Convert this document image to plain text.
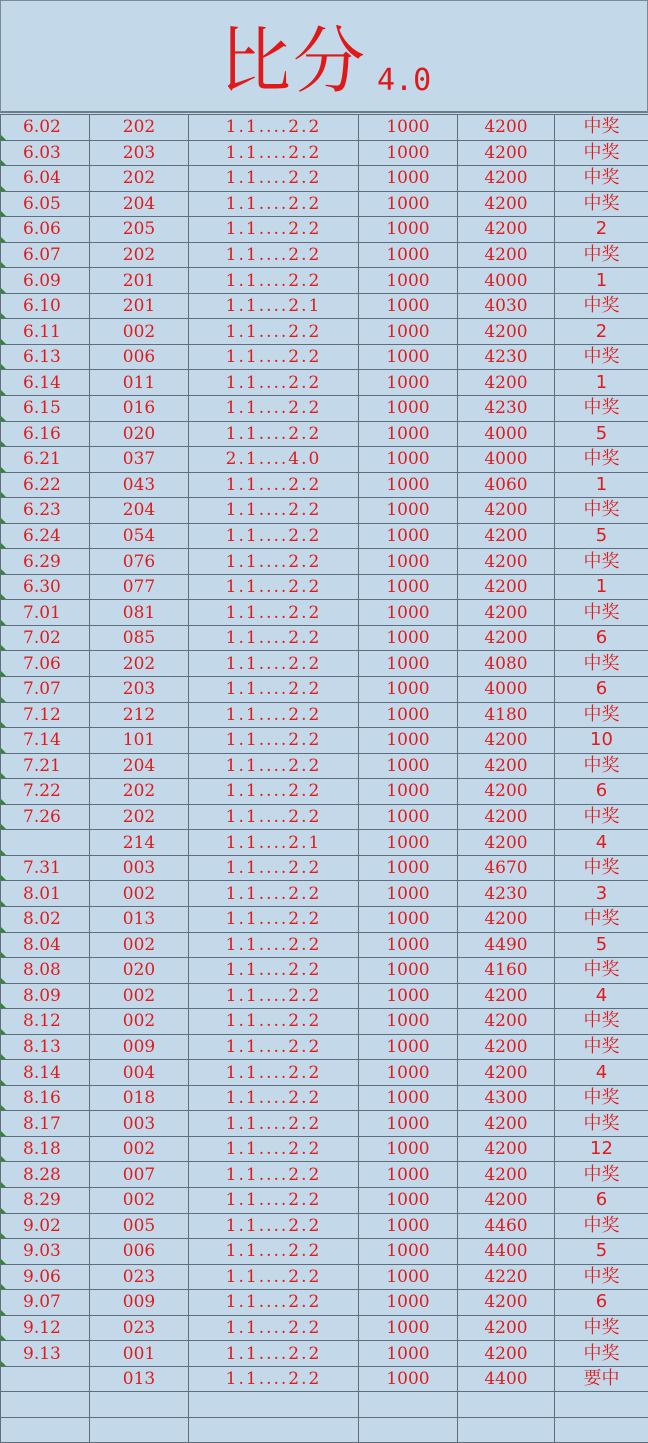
比分 4.0
6.02	202	1.1....2.2	1000	4200	中奖
6.03	203	1.1....2.2	1000	4200	中奖
6.04	202	1.1....2.2	1000	4200	中奖
6.05	204	1.1....2.2	1000	4200	中奖
6.06	205	1.1....2.2	1000	4200	2
6.07	202	1.1....2.2	1000	4200	中奖
6.09	201	1.1....2.2	1000	4000	1
6.10	201	1.1....2.1	1000	4030	中奖
6.11	002	1.1....2.2	1000	4200	2
6.13	006	1.1....2.2	1000	4230	中奖
6.14	011	1.1....2.2	1000	4200	1
6.15	016	1.1....2.2	1000	4230	中奖
6.16	020	1.1....2.2	1000	4000	5
6.21	037	2.1....4.0	1000	4000	中奖
6.22	043	1.1....2.2	1000	4060	1
6.23	204	1.1....2.2	1000	4200	中奖
6.24	054	1.1....2.2	1000	4200	5
6.29	076	1.1....2.2	1000	4200	中奖
6.30	077	1.1....2.2	1000	4200	1
7.01	081	1.1....2.2	1000	4200	中奖
7.02	085	1.1....2.2	1000	4200	6
7.06	202	1.1....2.2	1000	4080	中奖
7.07	203	1.1....2.2	1000	4000	6
7.12	212	1.1....2.2	1000	4180	中奖
7.14	101	1.1....2.2	1000	4200	10
7.21	204	1.1....2.2	1000	4200	中奖
7.22	202	1.1....2.2	1000	4200	6
7.26	202	1.1....2.2	1000	4200	中奖

	214	1.1....2.1	1000	4200	4
7.31	003	1.1....2.2	1000	4670	中奖
8.01	002	1.1....2.2	1000	4230	3
8.02	013	1.1....2.2	1000	4200	中奖
8.04	002	1.1....2.2	1000	4490	5
8.08	020	1.1....2.2	1000	4160	中奖
8.09	002	1.1....2.2	1000	4200	4
8.12	002	1.1....2.2	1000	4200	中奖
8.13	009	1.1....2.2	1000	4200	中奖
8.14	004	1.1....2.2	1000	4200	4
8.16	018	1.1....2.2	1000	4300	中奖
8.17	003	1.1....2.2	1000	4200	中奖
8.18	002	1.1....2.2	1000	4200	12
8.28	007	1.1....2.2	1000	4200	中奖
8.29	002	1.1....2.2	1000	4200	6
9.02	005	1.1....2.2	1000	4460	中奖
9.03	006	1.1....2.2	1000	4400	5
9.06	023	1.1....2.2	1000	4220	中奖
9.07	009	1.1....2.2	1000	4200	6
9.12	023	1.1....2.2	1000	4200	中奖
9.13	001	1.1....2.2	1000	4200	中奖
	013	1.1....2.2	1000	4400	要中
